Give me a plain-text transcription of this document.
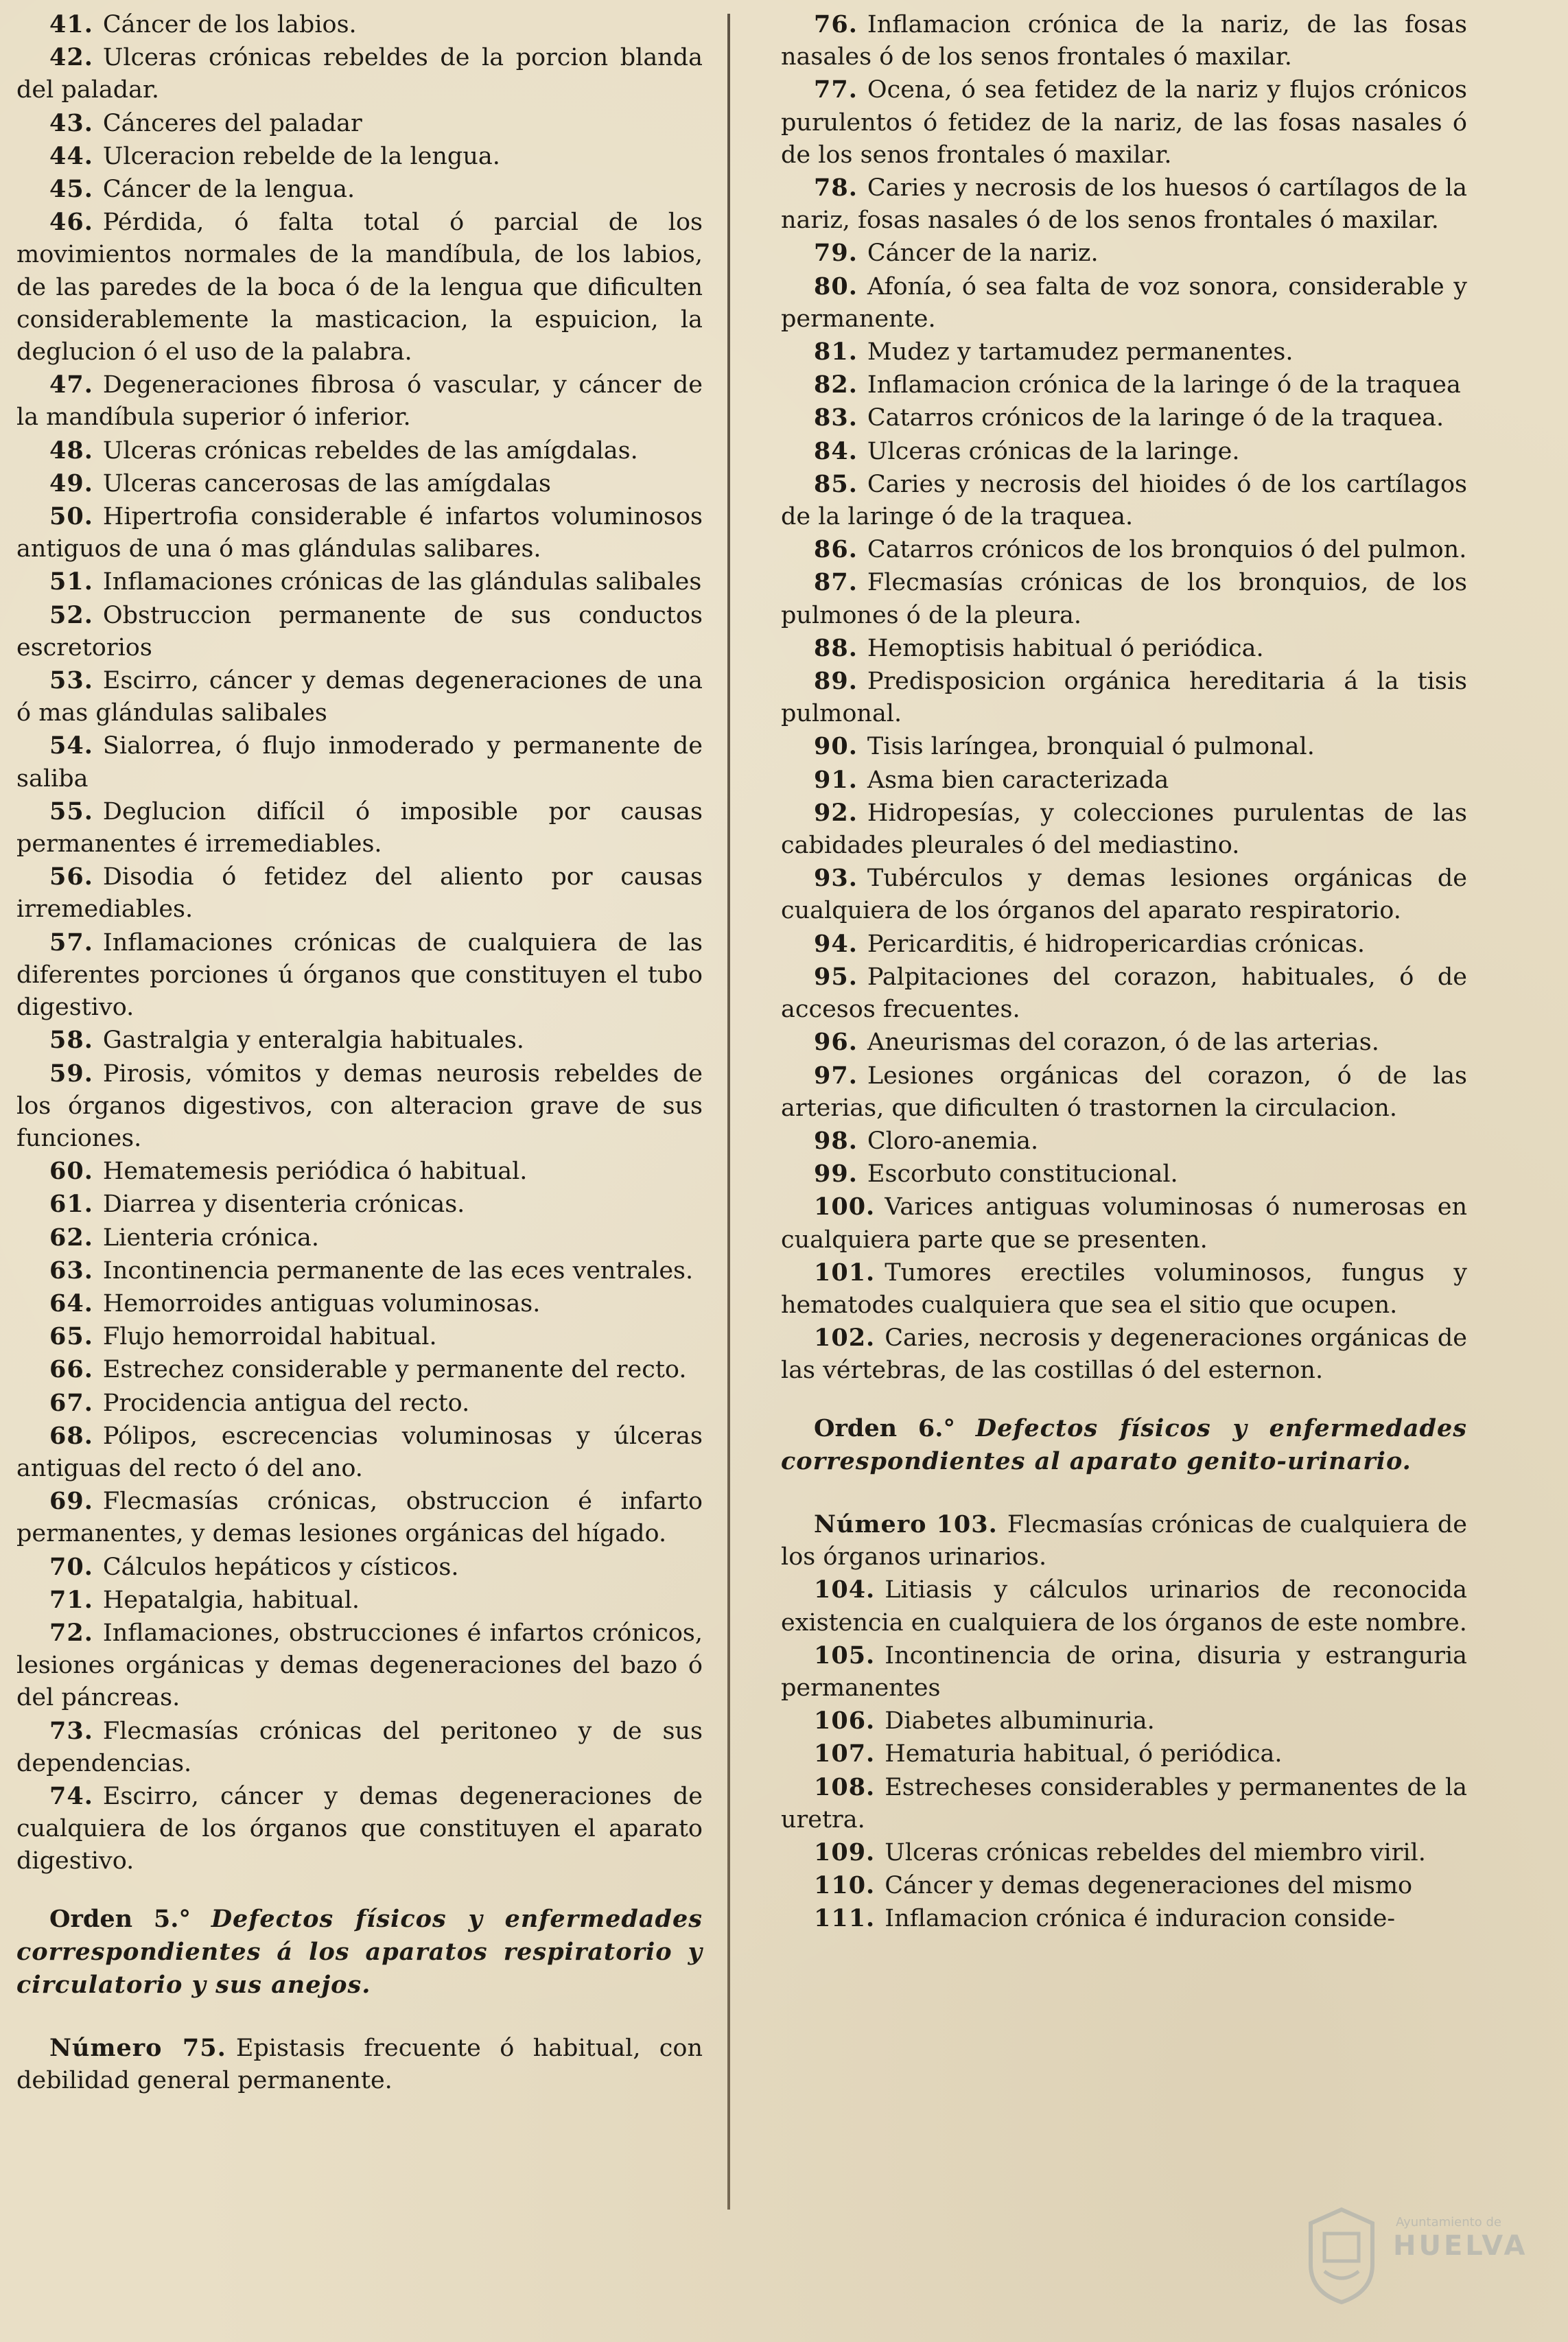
41. Cáncer de los labios.

42. Ulceras crónicas rebeldes de la porcion blanda del paladar.

43. Cánceres del paladar

44. Ulceracion rebelde de la lengua.

45. Cáncer de la lengua.

46. Pérdida, ó falta total ó parcial de los movimientos normales de la mandíbula, de los labios, de las paredes de la boca ó de la lengua que dificulten considerablemente la masticacion, la espuicion, la deglucion ó el uso de la palabra.

47. Degeneraciones fibrosa ó vascular, y cáncer de la mandíbula superior ó inferior.

48. Ulceras crónicas rebeldes de las amígdalas.

49. Ulceras cancerosas de las amígdalas

50. Hipertrofia considerable é infartos voluminosos antiguos de una ó mas glándulas salibares.

51. Inflamaciones crónicas de las glándulas salibales

52. Obstruccion permanente de sus conductos escretorios

53. Escirro, cáncer y demas degeneraciones de una ó mas glándulas salibales

54. Sialorrea, ó flujo inmoderado y permanente de saliba

55. Deglucion difícil ó imposible por causas permanentes é irremediables.

56. Disodia ó fetidez del aliento por causas irremediables.

57. Inflamaciones crónicas de cualquiera de las diferentes porciones ú órganos que constituyen el tubo digestivo.

58. Gastralgia y enteralgia habituales.

59. Pirosis, vómitos y demas neurosis rebeldes de los órganos digestivos, con alteracion grave de sus funciones.

60. Hematemesis periódica ó habitual.

61. Diarrea y disenteria crónicas.

62. Lienteria crónica.

63. Incontinencia permanente de las eces ventrales.

64. Hemorroides antiguas voluminosas.

65. Flujo hemorroidal habitual.

66. Estrechez considerable y permanente del recto.

67. Procidencia antigua del recto.

68. Pólipos, escrecencias voluminosas y úlceras antiguas del recto ó del ano.

69. Flecmasías crónicas, obstruccion é infarto permanentes, y demas lesiones orgánicas del hígado.

70. Cálculos hepáticos y císticos.

71. Hepatalgia, habitual.

72. Inflamaciones, obstrucciones é infartos crónicos, lesiones orgánicas y demas degeneraciones del bazo ó del páncreas.

73. Flecmasías crónicas del peritoneo y de sus dependencias.

74. Escirro, cáncer y demas degeneraciones de cualquiera de los órganos que constituyen el aparato digestivo.

Orden 5.° Defectos físicos y enfermedades correspondientes á los aparatos respiratorio y circulatorio y sus anejos.

Número 75. Epistasis frecuente ó habitual, con debilidad general permanente.

76. Inflamacion crónica de la nariz, de las fosas nasales ó de los senos frontales ó maxilar.

77. Ocena, ó sea fetidez de la nariz y flujos crónicos purulentos ó fetidez de la nariz, de las fosas nasales ó de los senos frontales ó maxilar.

78. Caries y necrosis de los huesos ó cartílagos de la nariz, fosas nasales ó de los senos frontales ó maxilar.

79. Cáncer de la nariz.

80. Afonía, ó sea falta de voz sonora, considerable y permanente.

81. Mudez y tartamudez permanentes.

82. Inflamacion crónica de la laringe ó de la traquea

83. Catarros crónicos de la laringe ó de la traquea.

84. Ulceras crónicas de la laringe.

85. Caries y necrosis del hioides ó de los cartílagos de la laringe ó de la traquea.

86. Catarros crónicos de los bronquios ó del pulmon.

87. Flecmasías crónicas de los bronquios, de los pulmones ó de la pleura.

88. Hemoptisis habitual ó periódica.

89. Predisposicion orgánica hereditaria á la tisis pulmonal.

90. Tisis laríngea, bronquial ó pulmonal.

91. Asma bien caracterizada

92. Hidropesías, y colecciones purulentas de las cabidades pleurales ó del mediastino.

93. Tubérculos y demas lesiones orgánicas de cualquiera de los órganos del aparato respiratorio.

94. Pericarditis, é hidropericardias crónicas.

95. Palpitaciones del corazon, habituales, ó de accesos frecuentes.

96. Aneurismas del corazon, ó de las arterias.

97. Lesiones orgánicas del corazon, ó de las arterias, que dificulten ó trastornen la circulacion.

98. Cloro-anemia.

99. Escorbuto constitucional.

100. Varices antiguas voluminosas ó numerosas en cualquiera parte que se presenten.

101. Tumores erectiles voluminosos, fungus y hematodes cualquiera que sea el sitio que ocupen.

102. Caries, necrosis y degeneraciones orgánicas de las vértebras, de las costillas ó del esternon.

Orden 6.° Defectos físicos y enfermedades correspondientes al aparato genito-urinario.

Número 103. Flecmasías crónicas de cualquiera de los órganos urinarios.

104. Litiasis y cálculos urinarios de reconocida existencia en cualquiera de los órganos de este nombre.

105. Incontinencia de orina, disuria y estranguria permanentes

106. Diabetes albuminuria.

107. Hematuria habitual, ó periódica.

108. Estrecheses considerables y permanentes de la uretra.

109. Ulceras crónicas rebeldes del miembro viril.

110. Cáncer y demas degeneraciones del mismo

111. Inflamacion crónica é induracion conside-

Ayuntamiento de
HUELVA
